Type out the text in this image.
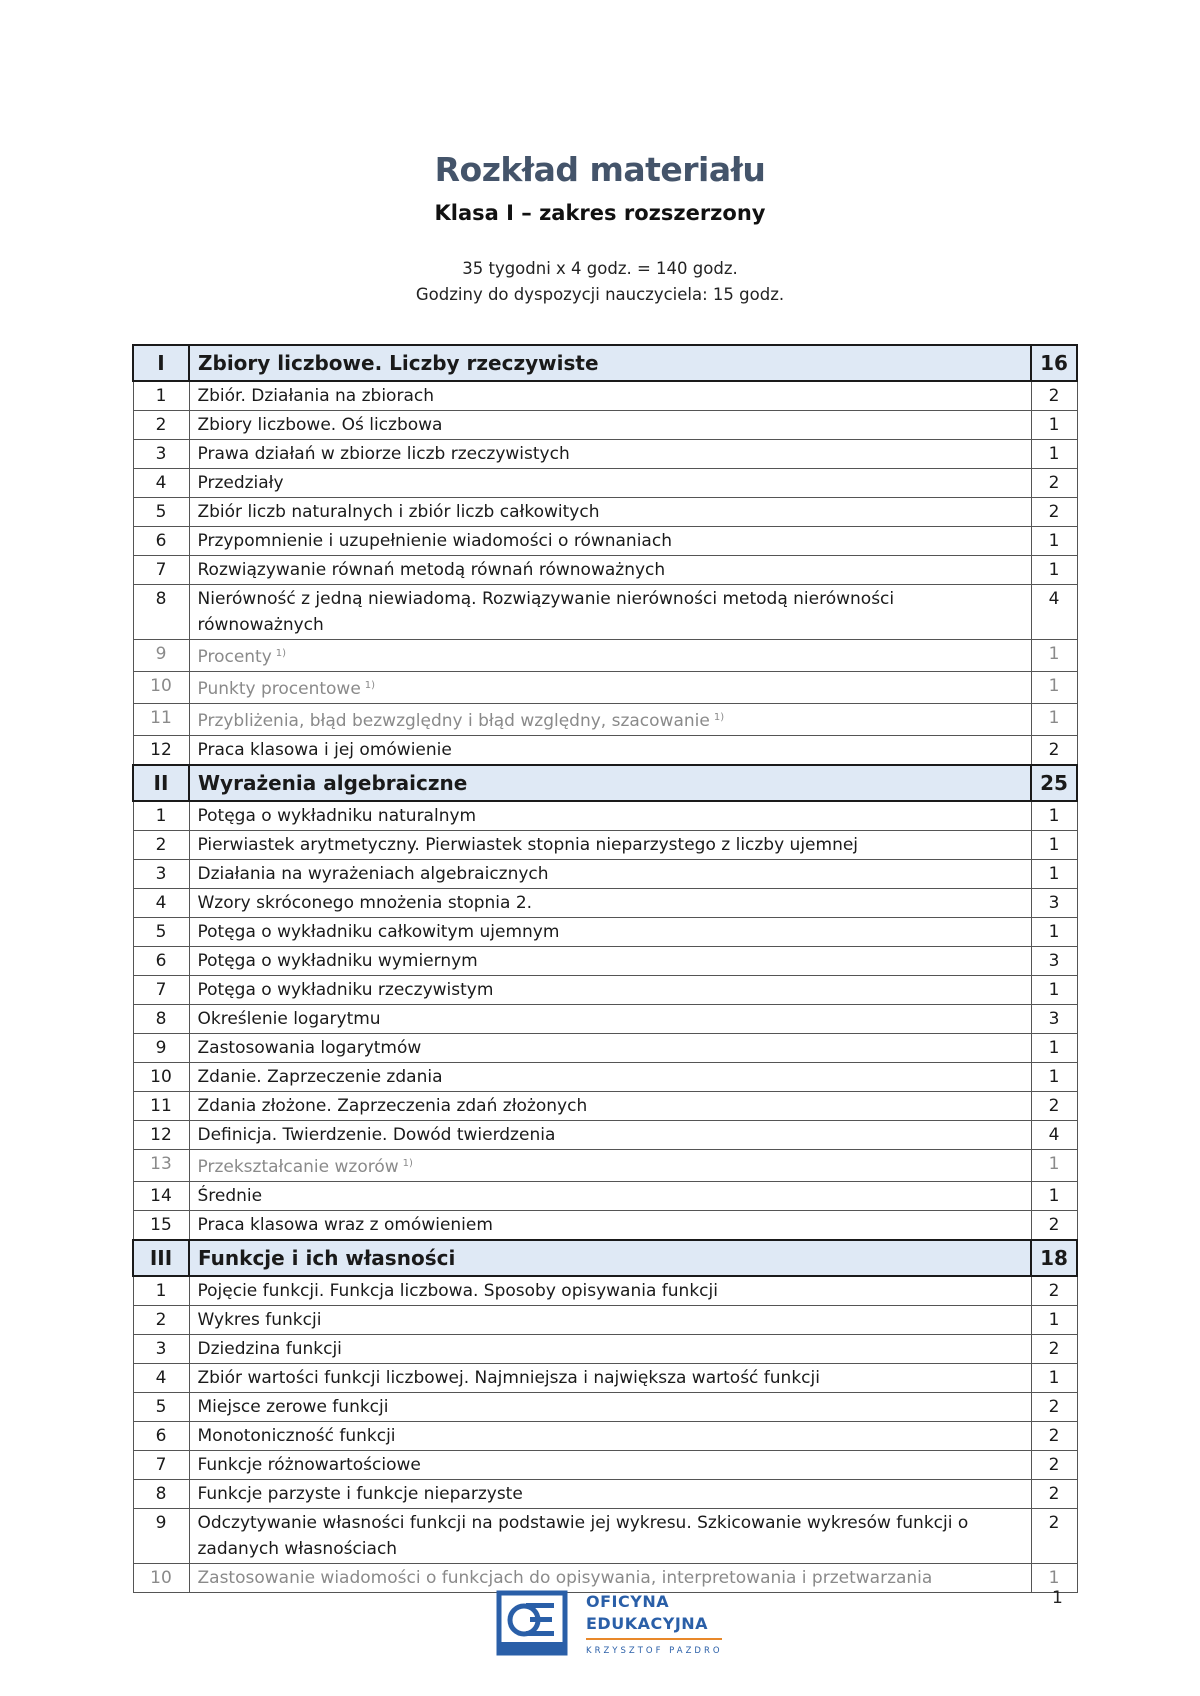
Rozkład materiału
Klasa I – zakres rozszerzony
35 tygodni x 4 godz. = 140 godz.
Godziny do dyspozycji nauczyciela: 15 godz.
I	Zbiory liczbowe. Liczby rzeczywiste	16
1	Zbiór. Działania na zbiorach	2
2	Zbiory liczbowe. Oś liczbowa	1
3	Prawa działań w zbiorze liczb rzeczywistych	1
4	Przedziały	2
5	Zbiór liczb naturalnych i zbiór liczb całkowitych	2
6	Przypomnienie i uzupełnienie wiadomości o równaniach	1
7	Rozwiązywanie równań metodą równań równoważnych	1
8	Nierówność z jedną niewiadomą. Rozwiązywanie nierówności metodą nierówności równoważnych	4
9	Procenty $^{1)}$	1
10	Punkty procentowe $^{1)}$	1
11	Przybliżenia, błąd bezwzględny i błąd względny, szacowanie $^{1)}$	1
12	Praca klasowa i jej omówienie	2
II	Wyrażenia algebraiczne	25
1	Potęga o wykładniku naturalnym	1
2	Pierwiastek arytmetyczny. Pierwiastek stopnia nieparzystego z liczby ujemnej	1
3	Działania na wyrażeniach algebraicznych	1
4	Wzory skróconego mnożenia stopnia 2.	3
5	Potęga o wykładniku całkowitym ujemnym	1
6	Potęga o wykładniku wymiernym	3
7	Potęga o wykładniku rzeczywistym	1
8	Określenie logarytmu	3
9	Zastosowania logarytmów	1
10	Zdanie. Zaprzeczenie zdania	1
11	Zdania złożone. Zaprzeczenia zdań złożonych	2
12	Definicja. Twierdzenie. Dowód twierdzenia	4
13	Przekształcanie wzorów $^{1)}$	1
14	Średnie	1
15	Praca klasowa wraz z omówieniem	2
III	Funkcje i ich własności	18
1	Pojęcie funkcji. Funkcja liczbowa. Sposoby opisywania funkcji	2
2	Wykres funkcji	1
3	Dziedzina funkcji	2
4	Zbiór wartości funkcji liczbowej. Najmniejsza i największa wartość funkcji	1
5	Miejsce zerowe funkcji	2
6	Monotoniczność funkcji	2
7	Funkcje różnowartościowe	2
8	Funkcje parzyste i funkcje nieparzyste	2
9	Odczytywanie własności funkcji na podstawie jej wykresu. Szkicowanie wykresów funkcji o zadanych własnościach	2
10	Zastosowanie wiadomości o funkcjach do opisywania, interpretowania i przetwarzania	1
1
OFICYNA
EDUKACYJNA
KRZYSZTOF PAZDRO
